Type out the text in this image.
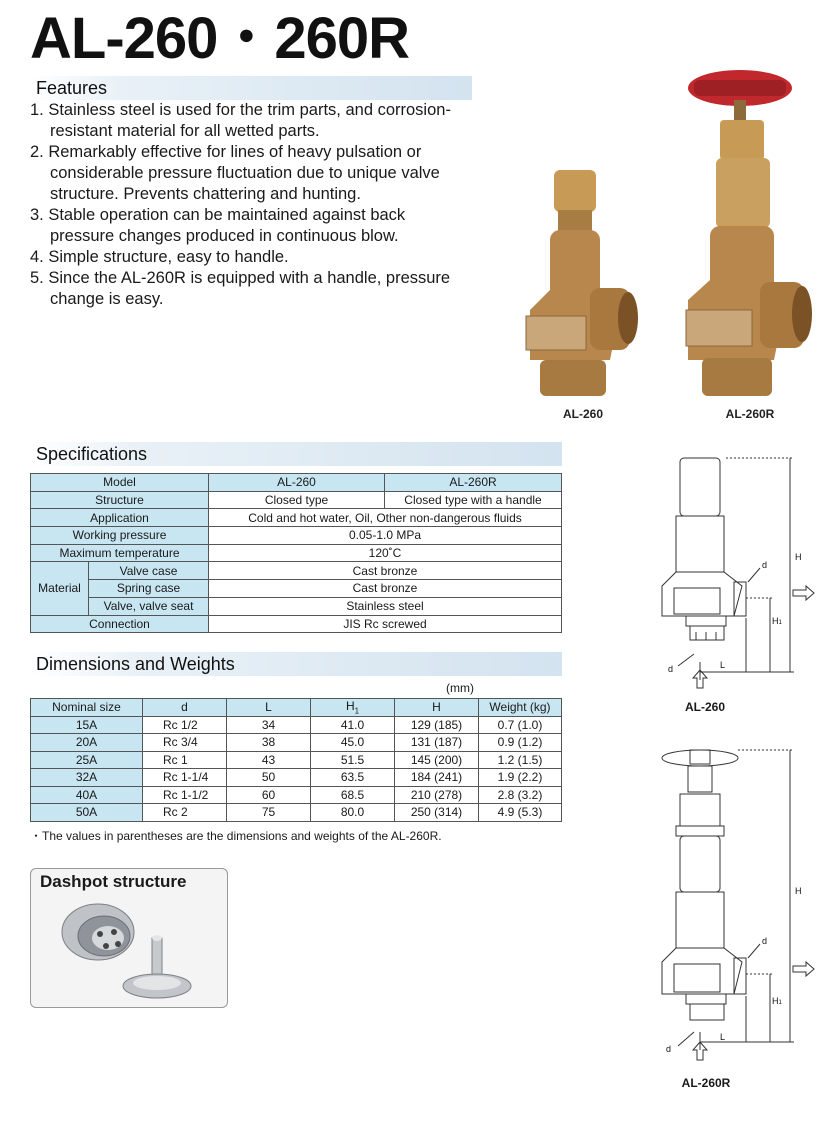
AL-260・260R
Features
1. Stainless steel is used for the trim parts, and corrosion-resistant material for all wetted parts.
2. Remarkably effective for lines of heavy pulsation or considerable pressure fluctuation due to unique valve structure. Prevents chattering and hunting.
3. Stable operation can be maintained against back pressure changes produced in continuous blow.
4. Simple structure, easy to handle.
5. Since the AL-260R is equipped with a handle, pressure change is easy.
AL-260	AL-260R
Specifications
Model		AL-260	AL-260R
Structure		Closed type	Closed type with a handle
Application		Cold and hot water, Oil, Other non-dangerous fluids	
Working pressure		0.05-1.0 MPa	
Maximum temperature		120˚C	
Material	Valve case	Cast bronze	
	Spring case	Cast bronze	
	Valve, valve seat	Stainless steel	
Connection		JIS Rc screwed	
Dimensions and Weights
(mm)
Nominal size	d	L	$H_1$	H	Weight (kg)
15A	Rc 1/2	34	41.0	129 (185)	0.7 (1.0)
20A	Rc 3/4	38	45.0	131 (187)	0.9 (1.2)
25A	Rc 1	43	51.5	145 (200)	1.2 (1.5)
32A	Rc 1-1/4	50	63.5	184 (241)	1.9 (2.2)
40A	Rc 1-1/2	60	68.5	210 (278)	2.8 (3.2)
50A	Rc 2	75	80.0	250 (314)	4.9 (5.3)
・The values in parentheses are the dimensions and weights of the AL-260R.
Dashpot structure
H
H1
d
d	L
AL-260
H
H1
d
d
L
AL-260R
